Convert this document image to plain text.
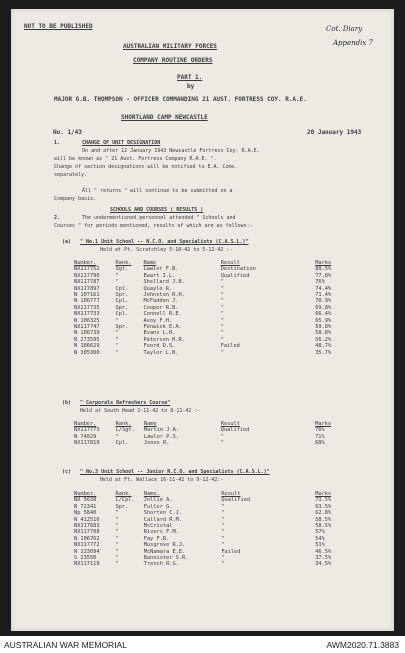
NOT TO BE PUBLISHED	Cot. Diary
Appendix 7
AUSTRALIAN MILITARY FORCES
COMPANY ROUTINE ORDERS
PART 1.
by
MAJOR G.B. THOMPSON - OFFICER COMMANDING 21 AUST. FORTRESS COY. R.A.E.
SHORTLAND CAMP NEWCASTLE
No. 1/43	20 January 1943
1.	CHANGE OF UNIT DESIGNATION
On and after 12 January 1943 Newcastle Fortress Coy. R.A.E.
will be known as " 21 Aust. Fortress Company R.A.E. ".
Change of section designations will be notified to E.A. Coms.
separately.
All " returns " will continue to be submitted on a
Company basis.
SCHOOLS AND COURSES ( RESULTS )
2.	The undermentioned personnel attended " Schools and
Courses " for periods mentioned, results of which are as follows:-
(a) " No.1 Unit School -- N.C.O. and Specialists (C.A.S.L.)"
Held at Pt. Scratchley 5-10-42 to 5-12-42 :-
Number.	Rank.	Name	Result	Marks
NX117752	Sgt.	Lawlor F.B.	Destination	80.5%
NX117790	"	Ewart I.L.	Qualified	77.8%
NX117787	"	Shellard J.B.	"	76%
NX117897	Cpl.	Quaylo R.	"	74.4%
N 107161	Spr.	Johnston R.H.	"	71.4%
N 106777	Cpl.	McFadden J.	"	70.9%
NX117735	Spr.	Cooper R.B.	"	69.8%
NX117733	Cpl.	Connell R.E.	"	66.4%
N 106325	"	Avoy F.H.	"	65.9%
NX117747	Spr.	Fenwick E.A.	"	59.8%
N 106739	"	Evans L.H.	"	58.8%
N 273595	"	Paterson H.R.	"	56.2%
N 106629	"	Foord D.S.	Failed	48.7%
N 305300	"	Taylor L.N.	"	35.7%
(b) " Corporals Refreshers Course"
Held at South Head 2-11-42 to 8-11-42 :-
Number.	Rank.	Name	Result	Marks
NX117773	L/Sgt.	Martin J.A.	Qualified	76%
N 74029	"	Lawlor P.S.	"	71%
NX117819	Cpl.	Jones R.	"	68%
(c) " No.3 Unit School -- Junior N.C.O. and Specialists (C.A.S.L.)"
Held at Ft. Wallace 16-11-42 to 9-12-42:-
Number.	Rank.	Name.	Result	Marks
NX 5638	L/Cpl.	Jollie A.	Qualified	73.5%
N 72341	Spr.	Fuller G.	"	63.5%
Np 5840	"	Shorten C.J.	"	62.8%
N 412510	"	Callard R.M.	"	58.5%
NX117683	"	McCristal	"	58.5%
NX117708	"	Rivers F.M.	"	57%
N 106762	"	Fay F.R.	"	54%
NX117772	"	Musgrove R.J.	"	51%
N 133094	"	McNamara E.E.	Failed	46.5%
S 23550	"	Bannister S.R.	"	37.5%
NX117119	"	Trench R.G.	"	34.5%
AUSTRALIAN WAR MEMORIAL	AWM2020.71.3883
